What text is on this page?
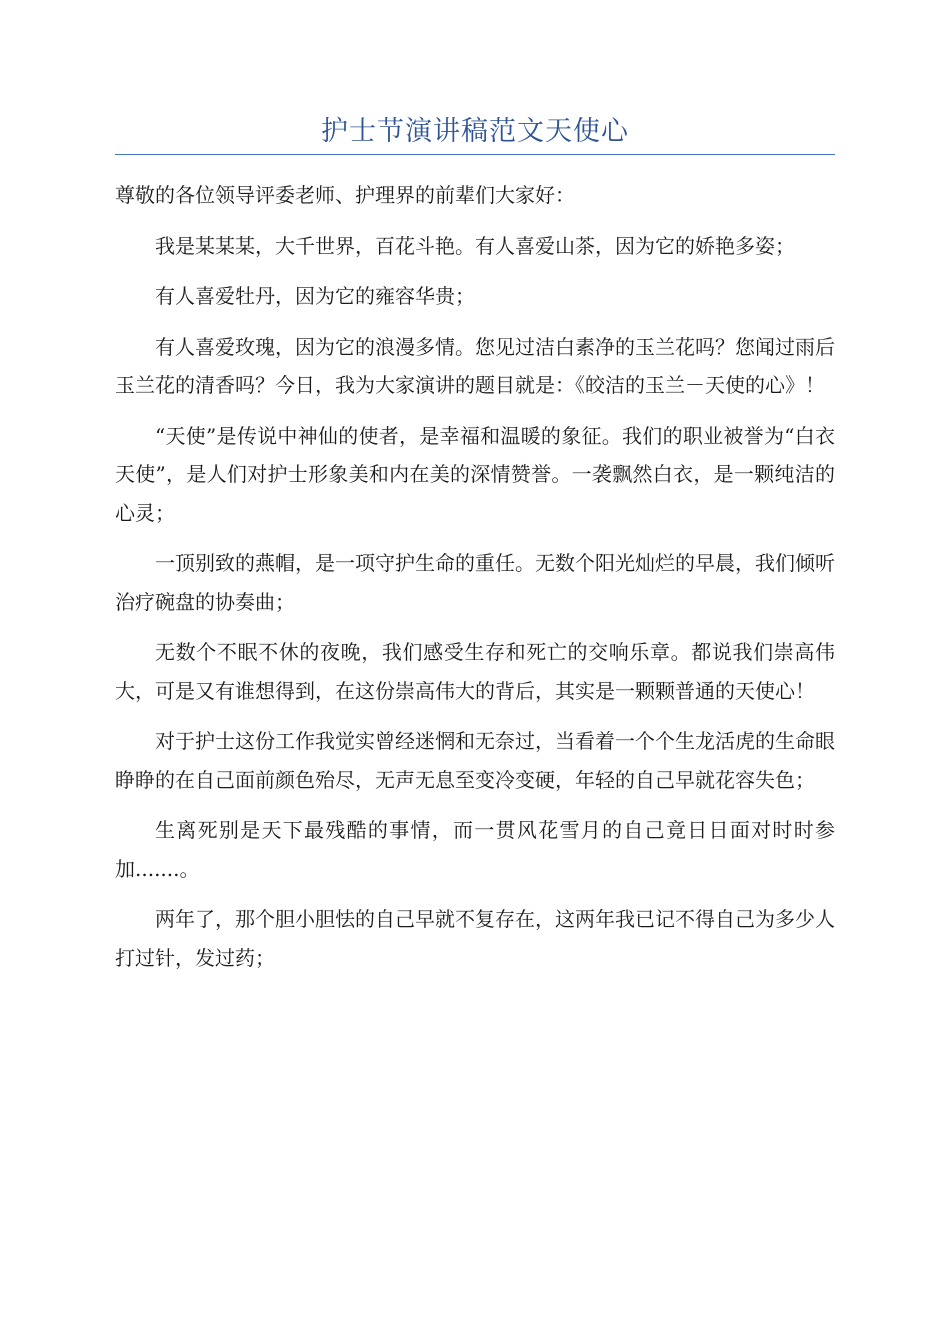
护士节演讲稿范文天使心

尊敬的各位领导评委老师、护理界的前辈们大家好：

我是某某某，大千世界，百花斗艳。有人喜爱山茶，因为它的娇艳多姿；

有人喜爱牡丹，因为它的雍容华贵；

有人喜爱玫瑰，因为它的浪漫多情。您见过洁白素净的玉兰花吗？您闻过雨后玉兰花的清香吗？今日，我为大家演讲的题目就是：《皎洁的玉兰－天使的心》！

“天使”是传说中神仙的使者，是幸福和温暖的象征。我们的职业被誉为“白衣天使”，是人们对护士形象美和内在美的深情赞誉。一袭飘然白衣，是一颗纯洁的心灵；

一顶别致的燕帽，是一项守护生命的重任。无数个阳光灿烂的早晨，我们倾听治疗碗盘的协奏曲；

无数个不眠不休的夜晚，我们感受生存和死亡的交响乐章。都说我们崇高伟大，可是又有谁想得到，在这份崇高伟大的背后，其实是一颗颗普通的天使心！

对于护士这份工作我觉实曾经迷惘和无奈过，当看着一个个生龙活虎的生命眼睁睁的在自己面前颜色殆尽，无声无息至变冷变硬，年轻的自己早就花容失色；

生离死别是天下最残酷的事情，而一贯风花雪月的自己竟日日面对时时参加.......。

两年了，那个胆小胆怯的自己早就不复存在，这两年我已记不得自己为多少人打过针，发过药；
